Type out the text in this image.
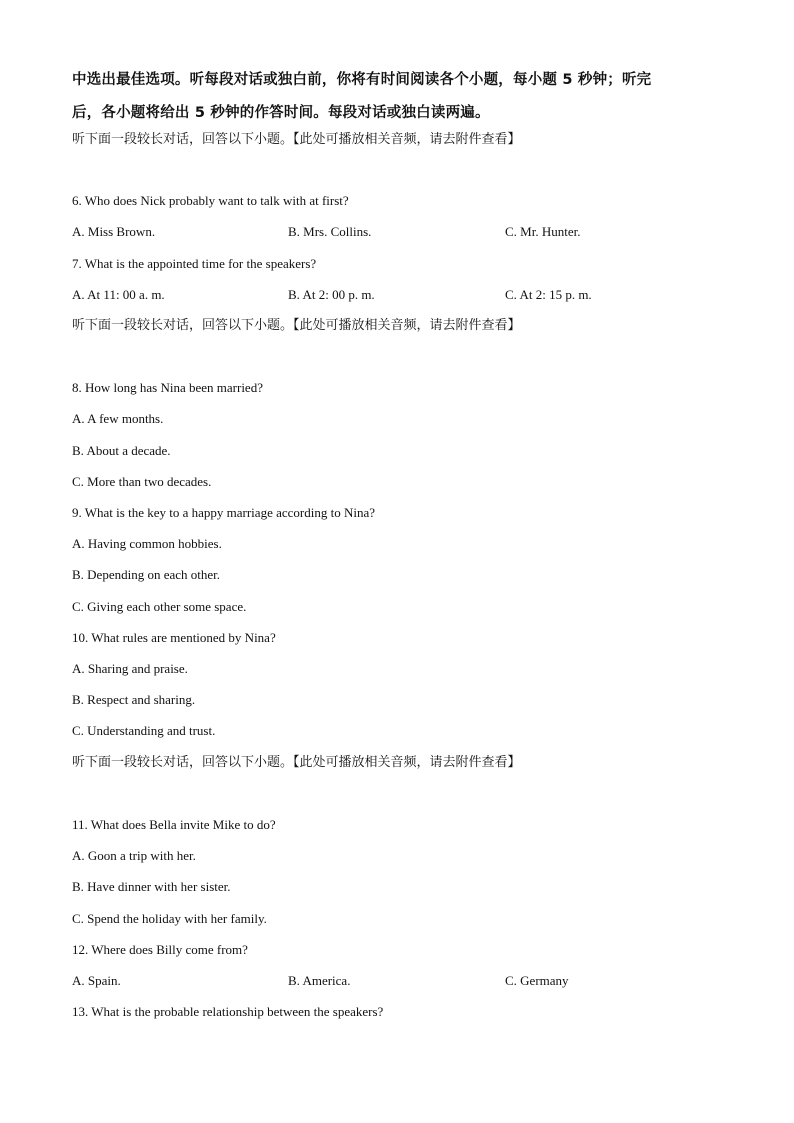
中选出最佳选项。听每段对话或独白前，你将有时间阅读各个小题，每小题 5 秒钟；听完
后，各小题将给出 5 秒钟的作答时间。每段对话或独白读两遍。
听下面一段较长对话，回答以下小题。【此处可播放相关音频，请去附件查看】
6. Who does Nick probably want to talk with at first?
A. Miss Brown.	B. Mrs. Collins.	C. Mr. Hunter.
7. What is the appointed time for the speakers?
A. At 11: 00 a. m.	B. At 2: 00 p. m.	C. At 2: 15 p. m.
听下面一段较长对话，回答以下小题。【此处可播放相关音频，请去附件查看】
8. How long has Nina been married?
A. A few months.
B. About a decade.
C. More than two decades.
9. What is the key to a happy marriage according to Nina?
A. Having common hobbies.
B. Depending on each other.
C. Giving each other some space.
10. What rules are mentioned by Nina?
A. Sharing and praise.
B. Respect and sharing.
C. Understanding and trust.
听下面一段较长对话，回答以下小题。【此处可播放相关音频，请去附件查看】
11. What does Bella invite Mike to do?
A. Goon a trip with her.
B. Have dinner with her sister.
C. Spend the holiday with her family.
12. Where does Billy come from?
A. Spain.	B. America.	C. Germany
13. What is the probable relationship between the speakers?
